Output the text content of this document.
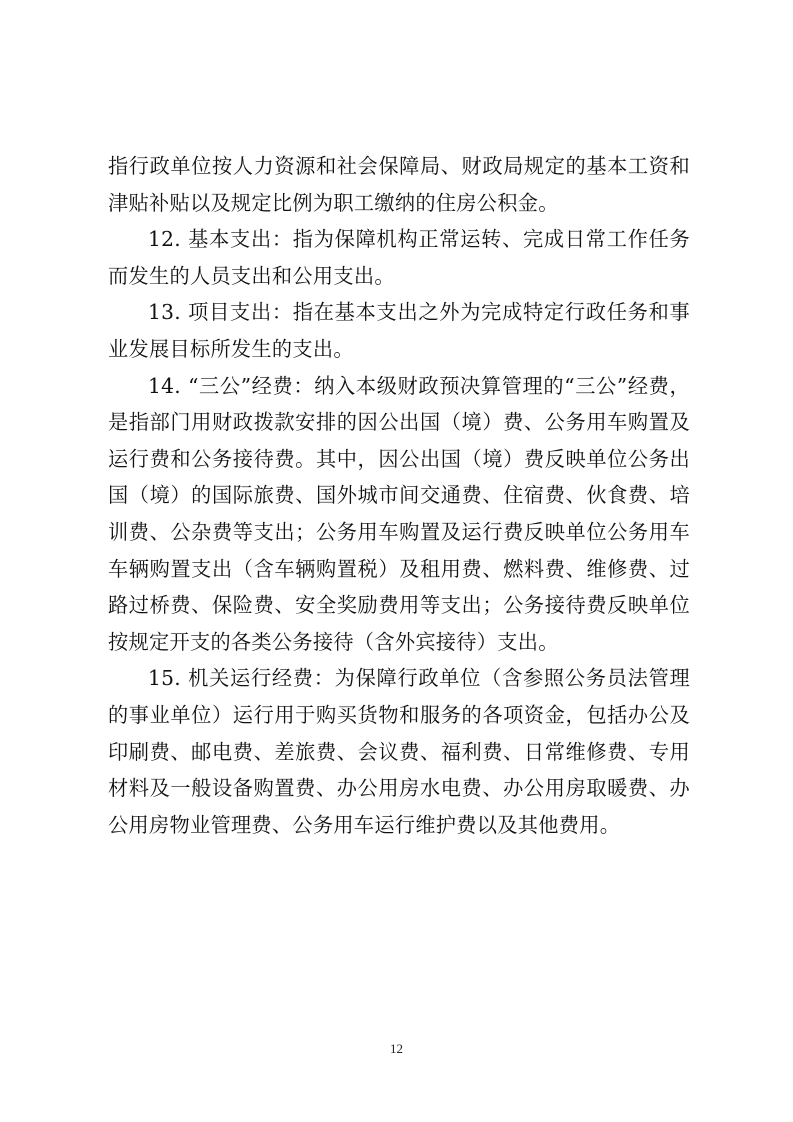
指行政单位按人力资源和社会保障局、财政局规定的基本工资和津贴补贴以及规定比例为职工缴纳的住房公积金。

12. 基本支出：指为保障机构正常运转、完成日常工作任务而发生的人员支出和公用支出。

13. 项目支出：指在基本支出之外为完成特定行政任务和事业发展目标所发生的支出。

14. “三公”经费：纳入本级财政预决算管理的“三公”经费，是指部门用财政拨款安排的因公出国（境）费、公务用车购置及运行费和公务接待费。其中，因公出国（境）费反映单位公务出国（境）的国际旅费、国外城市间交通费、住宿费、伙食费、培训费、公杂费等支出；公务用车购置及运行费反映单位公务用车车辆购置支出（含车辆购置税）及租用费、燃料费、维修费、过路过桥费、保险费、安全奖励费用等支出；公务接待费反映单位按规定开支的各类公务接待（含外宾接待）支出。

15. 机关运行经费：为保障行政单位（含参照公务员法管理的事业单位）运行用于购买货物和服务的各项资金，包括办公及印刷费、邮电费、差旅费、会议费、福利费、日常维修费、专用材料及一般设备购置费、办公用房水电费、办公用房取暖费、办公用房物业管理费、公务用车运行维护费以及其他费用。

12
